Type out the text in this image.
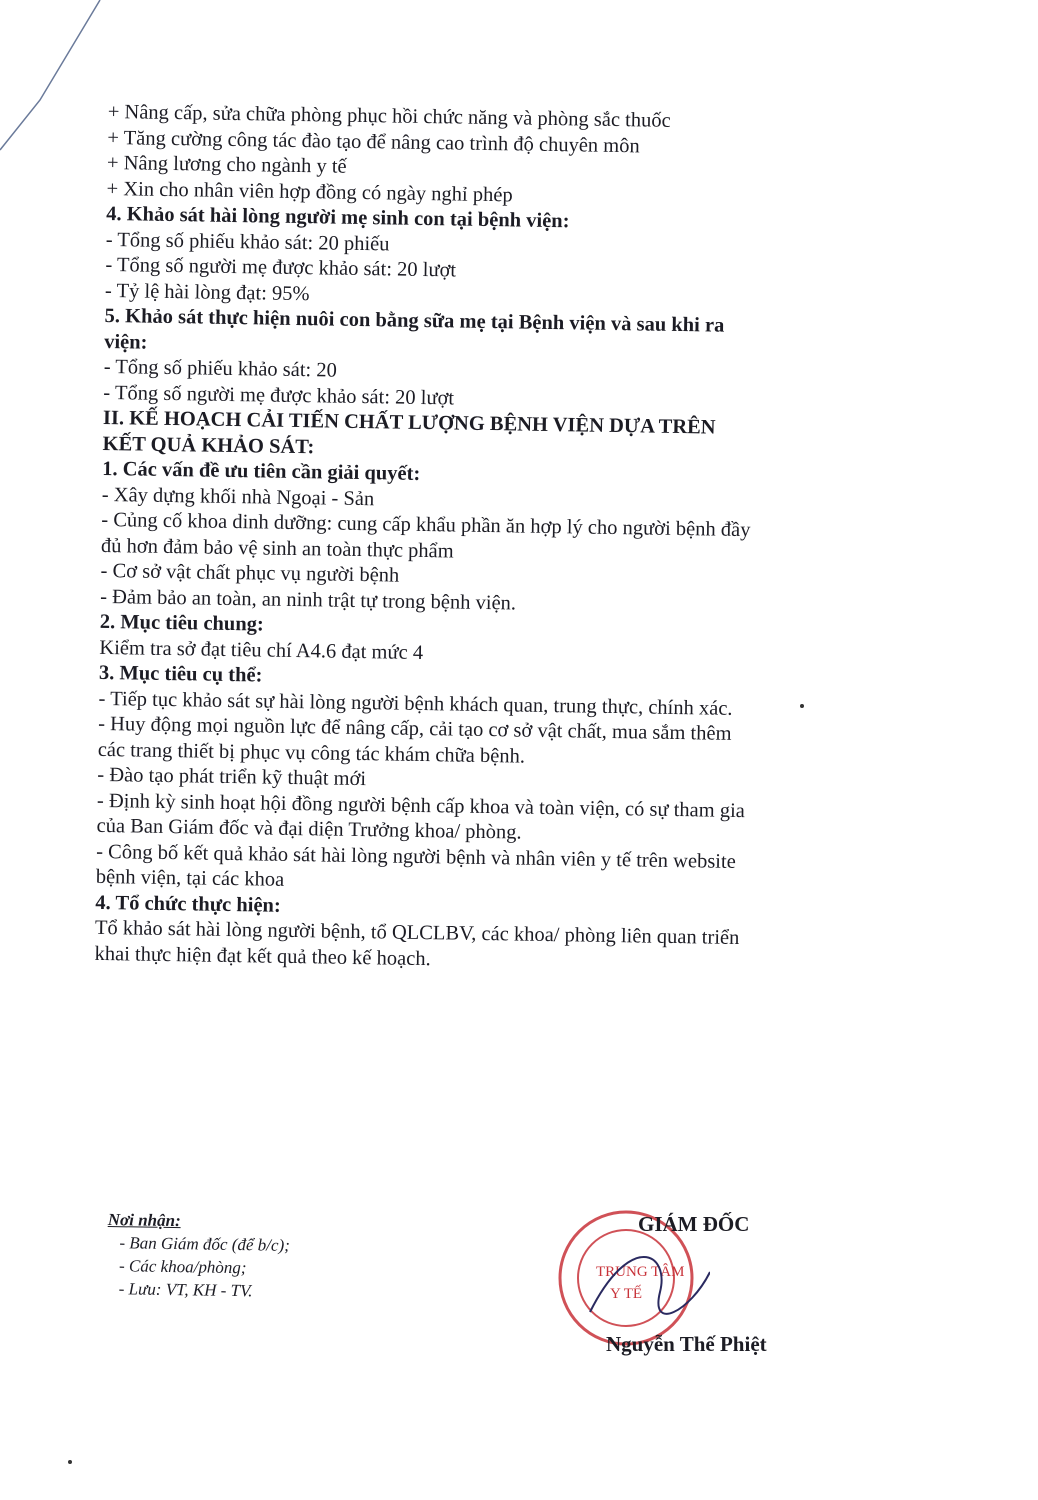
+ Nâng cấp, sửa chữa phòng phục hồi chức năng và phòng sắc thuốc
+ Tăng cường công tác đào tạo để nâng cao trình độ chuyên môn
+ Nâng lương cho ngành y tế
+ Xin cho nhân viên hợp đồng có ngày nghỉ phép
4. Khảo sát hài lòng người mẹ sinh con tại bệnh viện:
- Tổng số phiếu khảo sát: 20 phiếu
- Tổng số người mẹ được khảo sát: 20 lượt
- Tỷ lệ hài lòng đạt: 95%
5. Khảo sát thực hiện nuôi con bằng sữa mẹ tại Bệnh viện và sau khi ra
viện:
- Tổng số phiếu khảo sát: 20
- Tổng số người mẹ được khảo sát: 20 lượt
II. KẾ HOẠCH CẢI TIẾN CHẤT LƯỢNG BỆNH VIỆN DỰA TRÊN
KẾT QUẢ KHẢO SÁT:
1. Các vấn đề ưu tiên cần giải quyết:
- Xây dựng khối nhà Ngoại - Sản
- Củng cố khoa dinh dưỡng: cung cấp khẩu phần ăn hợp lý cho người bệnh đầy
đủ hơn đảm bảo vệ sinh an toàn thực phẩm
- Cơ sở vật chất phục vụ người bệnh
- Đảm bảo an toàn, an ninh trật tự trong bệnh viện.
2. Mục tiêu chung:
Kiểm tra sở đạt tiêu chí A4.6 đạt mức 4
3. Mục tiêu cụ thể:
- Tiếp tục khảo sát sự hài lòng người bệnh khách quan, trung thực, chính xác.
- Huy động mọi nguồn lực để nâng cấp, cải tạo cơ sở vật chất, mua sắm thêm
các trang thiết bị phục vụ công tác khám chữa bệnh.
- Đào tạo phát triển kỹ thuật mới
- Định kỳ sinh hoạt hội đồng người bệnh cấp khoa và toàn viện, có sự tham gia
của Ban Giám đốc và đại diện Trưởng khoa/ phòng.
- Công bố kết quả khảo sát hài lòng người bệnh và nhân viên y tế trên website
bệnh viện, tại các khoa
4. Tổ chức thực hiện:
Tổ khảo sát hài lòng người bệnh, tổ QLCLBV, các khoa/ phòng liên quan triển
khai thực hiện đạt kết quả theo kế hoạch.
Nơi nhận:
- Ban Giám đốc (để b/c);
- Các khoa/phòng;
- Lưu: VT, KH - TV.
TRUNG TÂM
Y TẾ
GIÁM ĐỐC
Nguyễn Thế Phiệt
